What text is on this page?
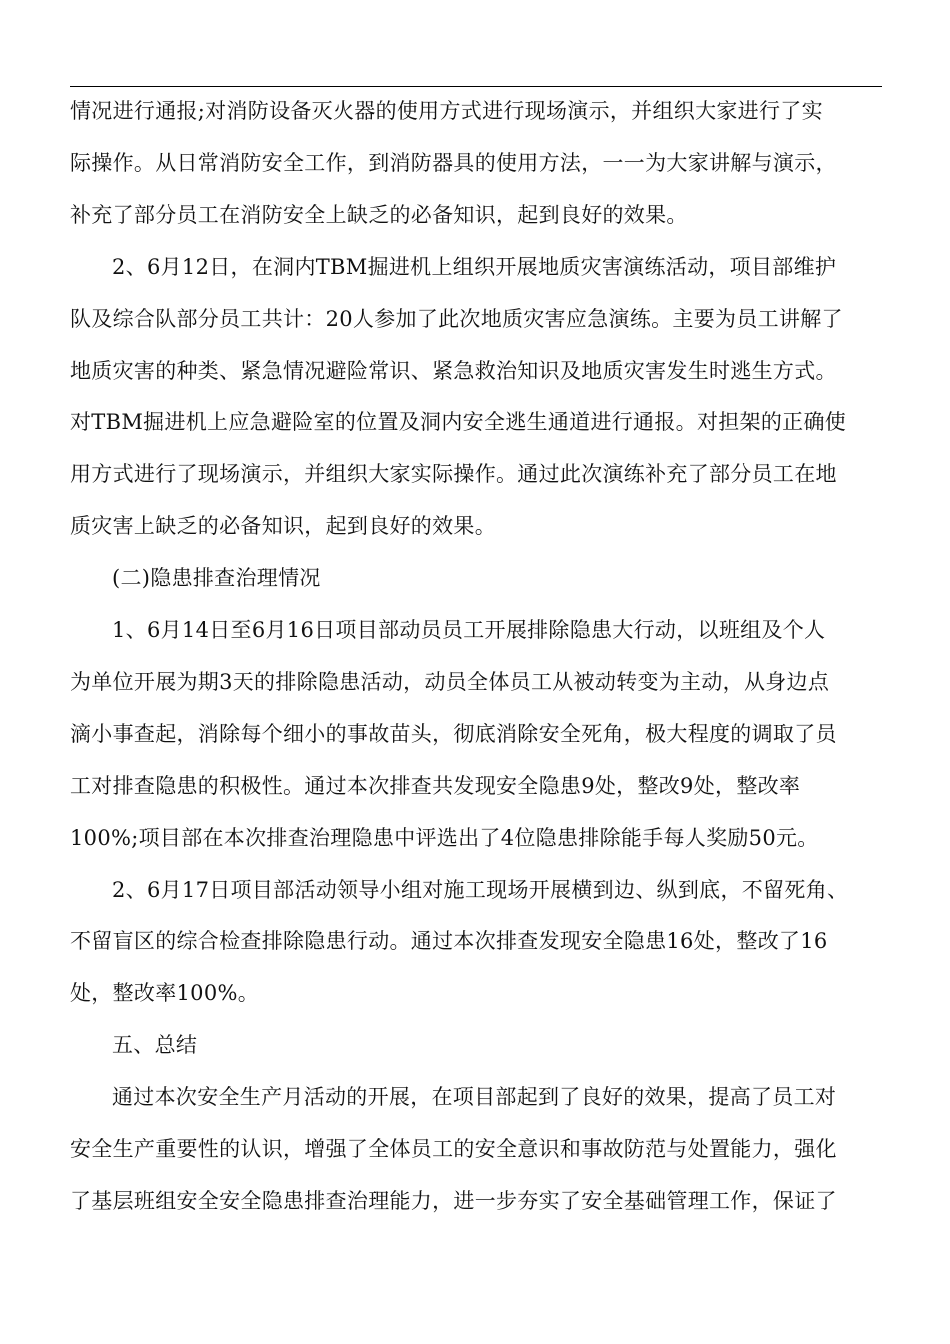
情况进行通报;对消防设备灭火器的使用方式进行现场演示，并组织大家进行了实
际操作。从日常消防安全工作，到消防器具的使用方法，一一为大家讲解与演示，
补充了部分员工在消防安全上缺乏的必备知识，起到良好的效果。
2、6月12日，在洞内TBM掘进机上组织开展地质灾害演练活动，项目部维护
队及综合队部分员工共计：20人参加了此次地质灾害应急演练。主要为员工讲解了
地质灾害的种类、紧急情况避险常识、紧急救治知识及地质灾害发生时逃生方式。
对TBM掘进机上应急避险室的位置及洞内安全逃生通道进行通报。对担架的正确使
用方式进行了现场演示，并组织大家实际操作。通过此次演练补充了部分员工在地
质灾害上缺乏的必备知识，起到良好的效果。
(二)隐患排查治理情况
1、6月14日至6月16日项目部动员员工开展排除隐患大行动，以班组及个人
为单位开展为期3天的排除隐患活动，动员全体员工从被动转变为主动，从身边点
滴小事查起，消除每个细小的事故苗头，彻底消除安全死角，极大程度的调取了员
工对排查隐患的积极性。通过本次排查共发现安全隐患9处，整改9处，整改率
100%;项目部在本次排查治理隐患中评选出了4位隐患排除能手每人奖励50元。
2、6月17日项目部活动领导小组对施工现场开展横到边、纵到底，不留死角、
不留盲区的综合检查排除隐患行动。通过本次排查发现安全隐患16处，整改了16
处，整改率100%。
五、总结
通过本次安全生产月活动的开展，在项目部起到了良好的效果，提高了员工对
安全生产重要性的认识，增强了全体员工的安全意识和事故防范与处置能力，强化
了基层班组安全安全隐患排查治理能力，进一步夯实了安全基础管理工作，保证了
